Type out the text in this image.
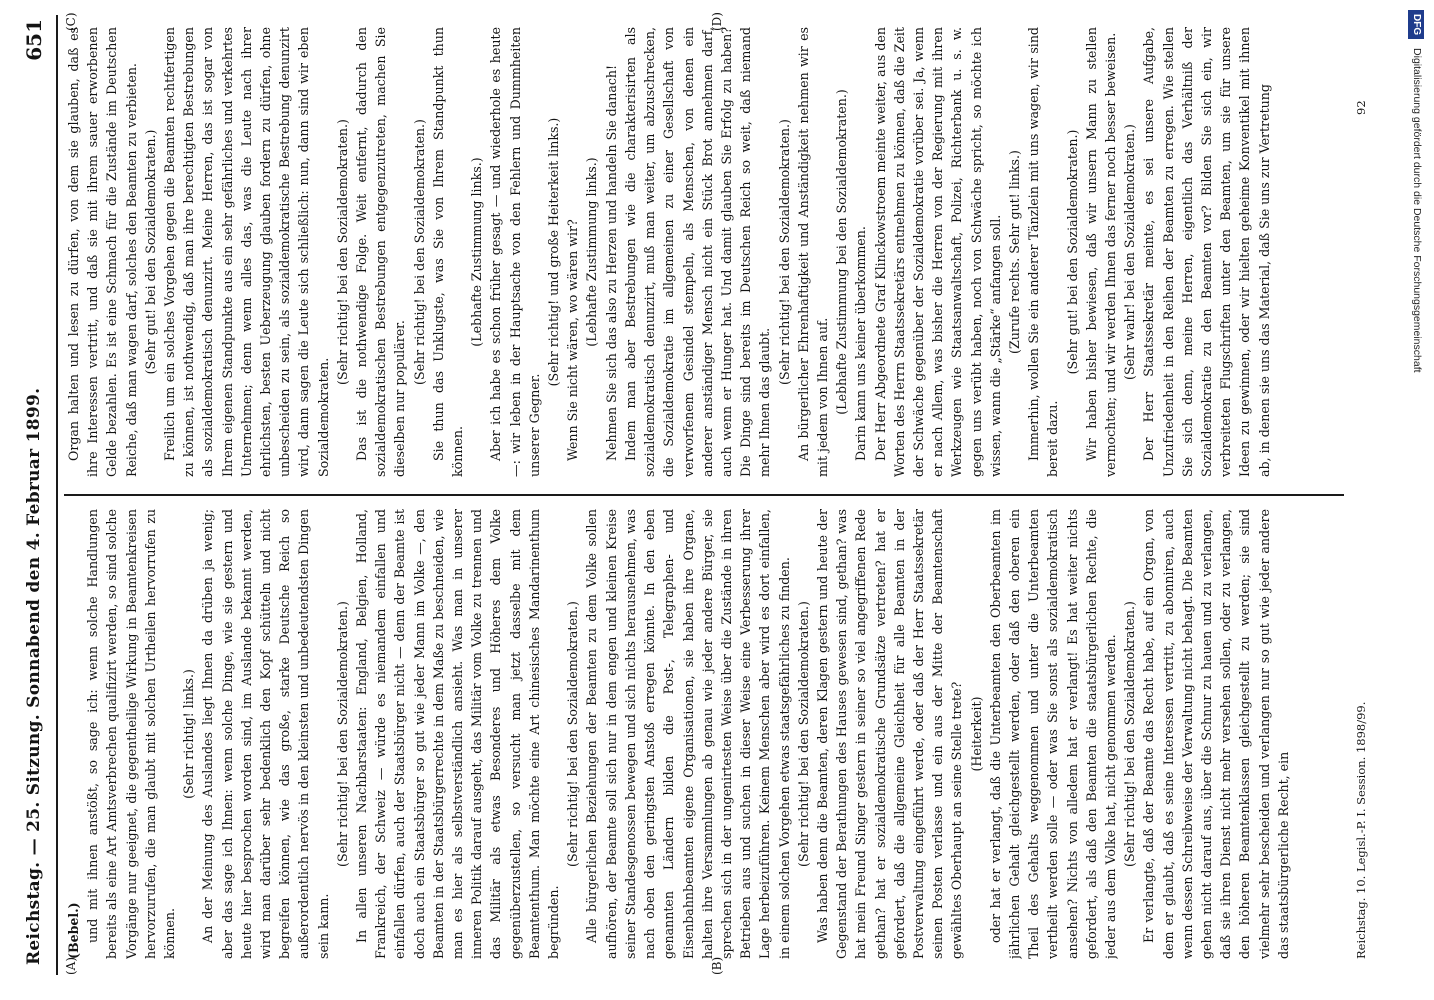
Reichstag. — 25. Sitzung. Sonnabend den 4. Februar 1899.
651
(A)	(B)
(C)	(D)

(Bebel.) und mit ihnen anstößt, so sage ich: wenn solche Handlungen bereits als eine Art Amtsverbrechen qualifizirt werden, so sind solche Vorgänge nur geeignet, die gegentheilige Wirkung in Beamtenkreisen hervorzurufen, die man glaubt mit solchen Urtheilen hervorrufen zu können.

(Sehr richtig! links.) An der Meinung des Auslandes liegt Ihnen da drüben ja wenig; aber das sage ich Ihnen: wenn solche Dinge, wie sie gestern und heute hier besprochen worden sind, im Auslande bekannt werden, wird man darüber sehr bedenklich den Kopf schütteln und nicht begreifen können, wie das große, starke Deutsche Reich so außerordentlich nervös in den kleinsten und unbedeutendsten Dingen sein kann.

(Sehr richtig! bei den Sozialdemokraten.) In allen unseren Nachbarstaaten: England, Belgien, Holland, Frankreich, der Schweiz — würde es niemandem einfallen und einfallen dürfen, auch der Staatsbürger nicht — denn der Beamte ist doch auch ein Staatsbürger so gut wie jeder Mann im Volke —, den Beamten in der Staatsbürgerrechte in dem Maße zu beschneiden, wie man es hier als selbstverständlich ansieht. Was man in unserer inneren Politik darauf ausgeht, das Militär vom Volke zu trennen und das Militär als etwas Besonderes und Höheres dem Volke gegenüberzustellen, so versucht man jetzt dasselbe mit dem Beamtenthum. Man möchte eine Art chinesisches Mandarinenthum begründen.

(Sehr richtig! bei den Sozialdemokraten.) Alle bürgerlichen Beziehungen der Beamten zu dem Volke sollen aufhören, der Beamte soll sich nur in dem engen und kleinen Kreise seiner Standesgenossen bewegen und sich nichts herausnehmen, was nach oben den geringsten Anstoß erregen könnte. In den eben genannten Ländern bilden die Post-, Telegraphen- und Eisenbahnbeamten eigene Organisationen, sie haben ihre Organe, halten ihre Versammlungen ab genau wie jeder andere Bürger, sie sprechen sich in der ungenirtesten Weise über die Zustände in ihren Betrieben aus und suchen in dieser Weise eine Verbesserung ihrer Lage herbeizuführen. Keinem Menschen aber wird es dort einfallen, in einem solchen Vorgehen etwas staatsgefährliches zu finden. (Sehr richtig! bei den Sozialdemokraten.) Was haben denn die Beamten, deren Klagen gestern und heute der Gegenstand der Berathungen des Hauses gewesen sind, gethan? was hat mein Freund Singer gestern in seiner so viel angegriffenen Rede gethan? hat er sozialdemokratische Grundsätze vertreten? hat er gefordert, daß die allgemeine Gleichheit für alle Beamten in der Postverwaltung eingeführt werde, oder daß der Herr Staatssekretär seinen Posten verlasse und ein aus der Mitte der Beamtenschaft gewähltes Oberhaupt an seine Stelle trete? (Heiterkeit) oder hat er verlangt, daß die Unterbeamten den Oberbeamten im jährlichen Gehalt gleichgestellt werden, oder daß den oberen ein Theil des Gehalts weggenommen und unter die Unterbeamten vertheilt werden solle — oder was Sie sonst als sozialdemokratisch ansehen? Nichts von alledem hat er verlangt! Es hat weiter nichts gefordert, als daß den Beamten die staatsbürgerlichen Rechte, die jeder aus dem Volke hat, nicht genommen werden. (Sehr richtig! bei den Sozialdemokraten.) Er verlangte, daß der Beamte das Recht habe, auf ein Organ, von dem er glaubt, daß es seine Interessen vertritt, zu abonniren, auch wenn dessen Schreibweise der Verwaltung nicht behagt. Die Beamten gehen nicht darauf aus, über die Schnur zu hauen und zu verlangen, daß sie ihren Dienst nicht mehr versehen sollen, oder zu verlangen, den höheren Beamtenklassen gleichgestellt zu werden; sie sind vielmehr sehr bescheiden und verlangen nur so gut wie jeder andere das staatsbürgerliche Recht, ein

Organ halten und lesen zu dürfen, von dem sie glauben, daß es ihre Interessen vertritt, und daß sie mit ihrem sauer erworbenen Gelde bezahlen. Es ist eine Schmach für die Zustände im Deutschen Reiche, daß man wagen darf, solches den Beamten zu verbieten. (Sehr gut! bei den Sozialdemokraten.) Freilich um ein solches Vorgehen gegen die Beamten rechtfertigen zu können, ist nothwendig, daß man ihre berechtigten Bestrebungen als sozialdemokratisch denunzirt. Meine Herren, das ist sogar von Ihrem eigenen Standpunkte aus ein sehr gefährliches und verkehrtes Unternehmen; denn wenn alles das, was die Leute nach ihrer ehrlichsten, besten Ueberzeugung glauben fordern zu dürfen, ohne unbescheiden zu sein, als sozialdemokratische Bestrebung denunzirt wird, dann sagen die Leute sich schließlich: nun, dann sind wir eben Sozialdemokraten.

(Sehr richtig! bei den Sozialdemokraten.) Das ist die nothwendige Folge. Weit entfernt, dadurch den sozialdemokratischen Bestrebungen entgegenzutreten, machen Sie dieselben nur populärer.

(Sehr richtig! bei den Sozialdemokraten.) Sie thun das Unklugste, was Sie von Ihrem Standpunkt thun können.

(Lebhafte Zustimmung links.) Aber ich habe es schon früher gesagt — und wiederhole es heute —: wir leben in der Hauptsache von den Fehlern und Dummheiten unserer Gegner.

(Sehr richtig! und große Heiterkeit links.) Wenn Sie nicht wären, wo wären wir? (Lebhafte Zustimmung links.) Nehmen Sie sich das also zu Herzen und handeln Sie danach! Indem man aber Bestrebungen wie die charakterisirten als sozialdemokratisch denunzirt, muß man weiter, um abzuschrecken, die Sozialdemokratie im allgemeinen zu einer Gesellschaft von verworfenem Gesindel stempeln, als Menschen, von denen ein anderer anständiger Mensch nicht ein Stück Brot annehmen darf, auch wenn er Hunger hat. Und damit glauben Sie Erfolg zu haben? Die Dinge sind bereits im Deutschen Reich so weit, daß niemand mehr Ihnen das glaubt.

(Sehr richtig! bei den Sozialdemokraten.) An bürgerlicher Ehrenhaftigkeit und Anständigkeit nehmen wir es mit jedem von Ihnen auf. (Lebhafte Zustimmung bei den Sozialdemokraten.) Darin kann uns keiner überkommen. Der Herr Abgeordnete Graf Klinckowstroem meinte weiter, aus den Worten des Herrn Staatssekretärs entnehmen zu können, daß die Zeit der Schwäche gegenüber der Sozialdemokratie vorüber sei. Ja, wenn er nach Allem, was bisher die Herren von der Regierung mit ihren Werkzeugen wie Staatsanwaltschaft, Polizei, Richterbank u. s. w. gegen uns verübt haben, noch von Schwäche spricht, so möchte ich wissen, wann die „Stärke“ anfangen soll. (Zurufe rechts. Sehr gut! links.) Immerhin, wollen Sie ein anderer Tänzlein mit uns wagen, wir sind bereit dazu.

(Sehr gut! bei den Sozialdemokraten.) Wir haben bisher bewiesen, daß wir unsern Mann zu stellen vermochten; und wir werden Ihnen das ferner noch besser beweisen. (Sehr wahr! bei den Sozialdemokraten.) Der Herr Staatssekretär meinte, es sei unsere Aufgabe, Unzufriedenheit in den Reihen der Beamten zu erregen. Wie stellen Sie sich denn, meine Herren, eigentlich das Verhältniß der Sozialdemokratie zu den Beamten vor? Bilden Sie sich ein, wir verbreiteten Flugschriften unter den Beamten, um sie für unsere Ideen zu gewinnen, oder wir hielten geheime Konventikel mit ihnen ab, in denen sie uns das Material, daß Sie uns zur Vertretung

Reichstag. 10. Legisl.-P. I. Session. 1898/99.
92
DFG Digitalisierung gefördert durch die Deutsche Forschungsgemeinschaft
